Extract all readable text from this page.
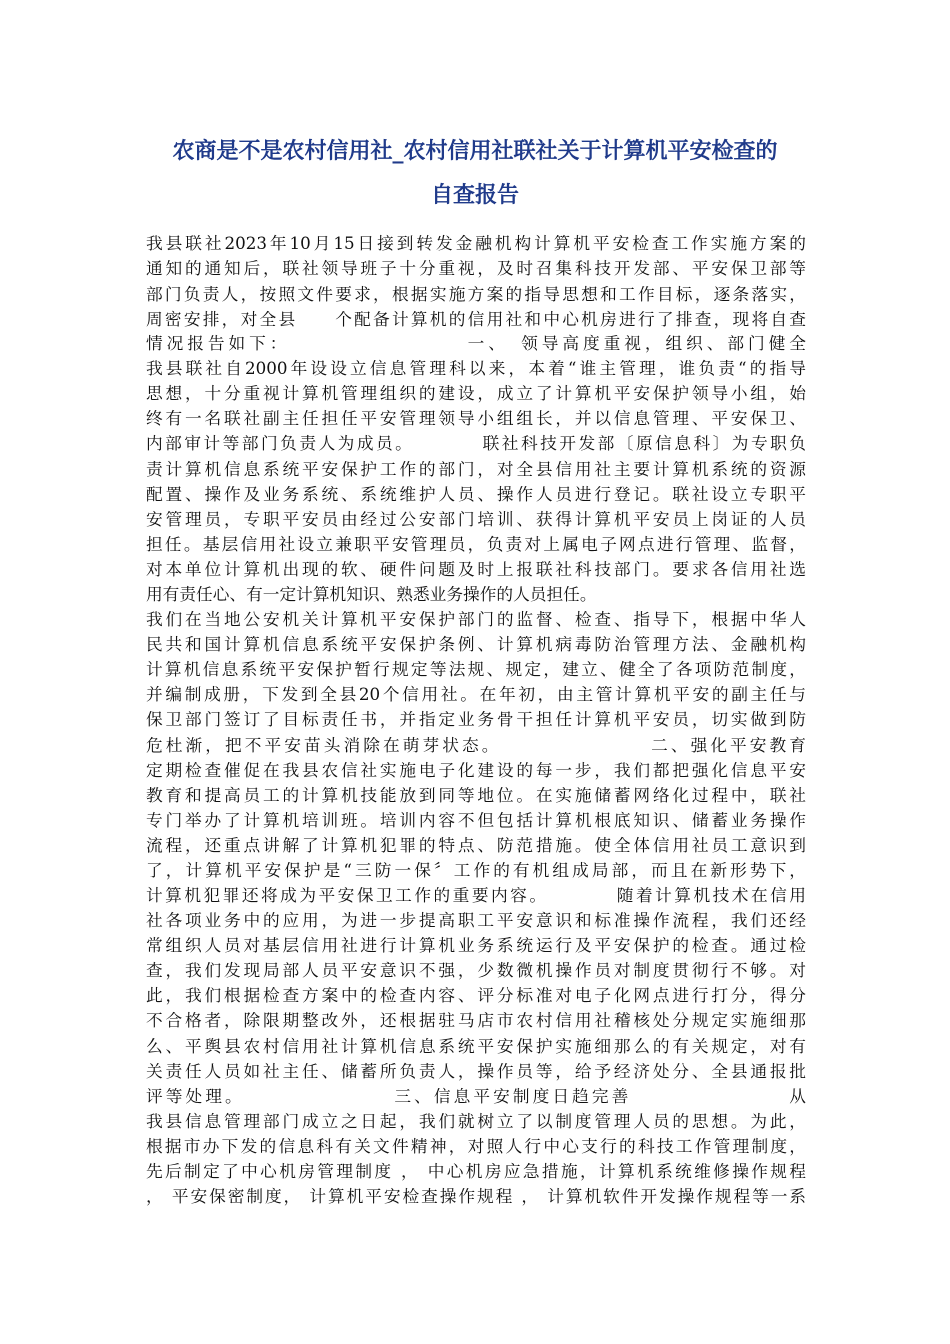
农商是不是农村信用社_农村信用社联社关于计算机平安检查的
自查报告
我县联社2023年10月15日接到转发金融机构计算机平安检查工作实施方案的
通知的通知后，联社领导班子十分重视，及时召集科技开发部、平安保卫部等
部门负责人，按照文件要求，根据实施方案的指导思想和工作目标，逐条落实，
周密安排，对全县　　个配备计算机的信用社和中心机房进行了排查，现将自查
情况报告如下：　　　　　　　　　一、　领导高度重视，组织、部门健全
我县联社自2000年设设立信息管理科以来，本着“谁主管理，谁负责“的指导
思想，十分重视计算机管理组织的建设，成立了计算机平安保护领导小组，始
终有一名联社副主任担任平安管理领导小组组长，并以信息管理、平安保卫、
内部审计等部门负责人为成员。　　　　联社科技开发部〔原信息科〕为专职负
责计算机信息系统平安保护工作的部门，对全县信用社主要计算机系统的资源
配置、操作及业务系统、系统维护人员、操作人员进行登记。联社设立专职平
安管理员，专职平安员由经过公安部门培训、获得计算机平安员上岗证的人员
担任。基层信用社设立兼职平安管理员，负责对上属电子网点进行管理、监督，
对本单位计算机出现的软、硬件问题及时上报联社科技部门。要求各信用社选
用有责任心、有一定计算机知识、熟悉业务操作的人员担任。
我们在当地公安机关计算机平安保护部门的监督、检查、指导下，根据中华人
民共和国计算机信息系统平安保护条例、计算机病毒防治管理方法、金融机构
计算机信息系统平安保护暂行规定等法规、规定，建立、健全了各项防范制度，
并编制成册，下发到全县20个信用社。在年初，由主管计算机平安的副主任与
保卫部门签订了目标责任书，并指定业务骨干担任计算机平安员，切实做到防
危杜渐，把不平安苗头消除在萌芽状态。　　　　　　　　二、强化平安教育
定期检查催促在我县农信社实施电子化建设的每一步，我们都把强化信息平安
教育和提高员工的计算机技能放到同等地位。在实施储蓄网络化过程中，联社
专门举办了计算机培训班。培训内容不但包括计算机根底知识、储蓄业务操作
流程，还重点讲解了计算机犯罪的特点、防范措施。使全体信用社员工意识到
了，计算机平安保护是“三防一保〞工作的有机组成局部，而且在新形势下，
计算机犯罪还将成为平安保卫工作的重要内容。　　　　随着计算机技术在信用
社各项业务中的应用，为进一步提高职工平安意识和标准操作流程，我们还经
常组织人员对基层信用社进行计算机业务系统运行及平安保护的检查。通过检
查，我们发现局部人员平安意识不强，少数微机操作员对制度贯彻行不够。对
此，我们根据检查方案中的检查内容、评分标准对电子化网点进行打分，得分
不合格者，除限期整改外，还根据驻马店市农村信用社稽核处分规定实施细那
么、平舆县农村信用社计算机信息系统平安保护实施细那么的有关规定，对有
关责任人员如社主任、储蓄所负责人，操作员等，给予经济处分、全县通报批
评等处理。　　　　　　　　三、信息平安制度日趋完善　　　　　　　　从
我县信息管理部门成立之日起，我们就树立了以制度管理人员的思想。为此，
根据市办下发的信息科有关文件精神，对照人行中心支行的科技工作管理制度，
先后制定了中心机房管理制度 ， 中心机房应急措施，计算机系统维修操作规程
， 平安保密制度， 计算机平安检查操作规程 ， 计算机软件开发操作规程等一系
